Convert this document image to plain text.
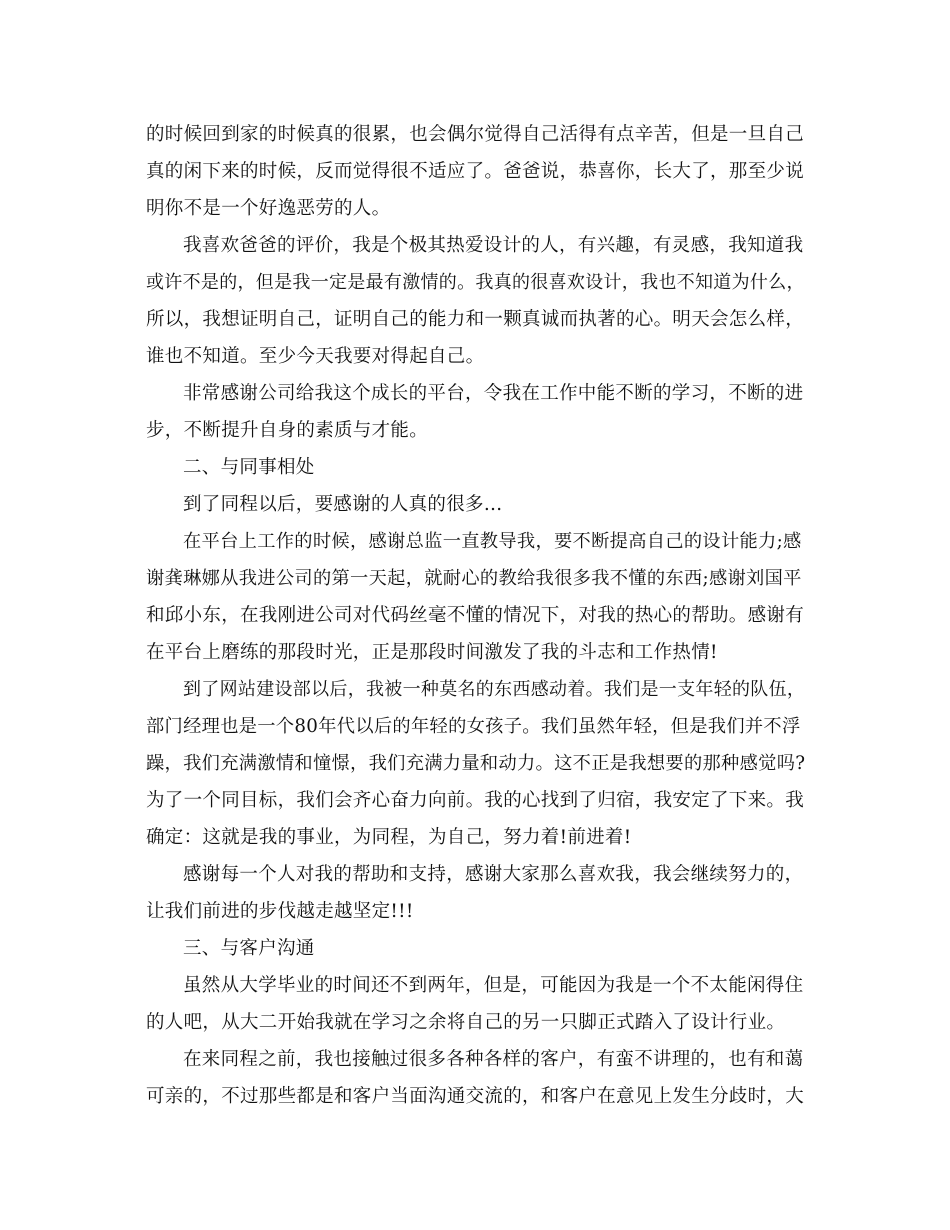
的时候回到家的时候真的很累，也会偶尔觉得自己活得有点辛苦，但是一旦自己
真的闲下来的时候，反而觉得很不适应了。爸爸说，恭喜你，长大了，那至少说
明你不是一个好逸恶劳的人。
我喜欢爸爸的评价，我是个极其热爱设计的人，有兴趣，有灵感，我知道我
或许不是的，但是我一定是最有激情的。我真的很喜欢设计，我也不知道为什么，
所以，我想证明自己，证明自己的能力和一颗真诚而执著的心。明天会怎么样，
谁也不知道。至少今天我要对得起自己。
非常感谢公司给我这个成长的平台，令我在工作中能不断的学习，不断的进
步，不断提升自身的素质与才能。
二、与同事相处
到了同程以后，要感谢的人真的很多…
在平台上工作的时候，感谢总监一直教导我，要不断提高自己的设计能力;感
谢龚琳娜从我进公司的第一天起，就耐心的教给我很多我不懂的东西;感谢刘国平
和邱小东，在我刚进公司对代码丝毫不懂的情况下，对我的热心的帮助。感谢有
在平台上磨练的那段时光，正是那段时间激发了我的斗志和工作热情!
到了网站建设部以后，我被一种莫名的东西感动着。我们是一支年轻的队伍，
部门经理也是一个80年代以后的年轻的女孩子。我们虽然年轻，但是我们并不浮
躁，我们充满激情和憧憬，我们充满力量和动力。这不正是我想要的那种感觉吗?
为了一个同目标，我们会齐心奋力向前。我的心找到了归宿，我安定了下来。我
确定：这就是我的事业，为同程，为自己，努力着!前进着!
感谢每一个人对我的帮助和支持，感谢大家那么喜欢我，我会继续努力的，
让我们前进的步伐越走越坚定!!!
三、与客户沟通
虽然从大学毕业的时间还不到两年，但是，可能因为我是一个不太能闲得住
的人吧，从大二开始我就在学习之余将自己的另一只脚正式踏入了设计行业。
在来同程之前，我也接触过很多各种各样的客户，有蛮不讲理的，也有和蔼
可亲的，不过那些都是和客户当面沟通交流的，和客户在意见上发生分歧时，大
